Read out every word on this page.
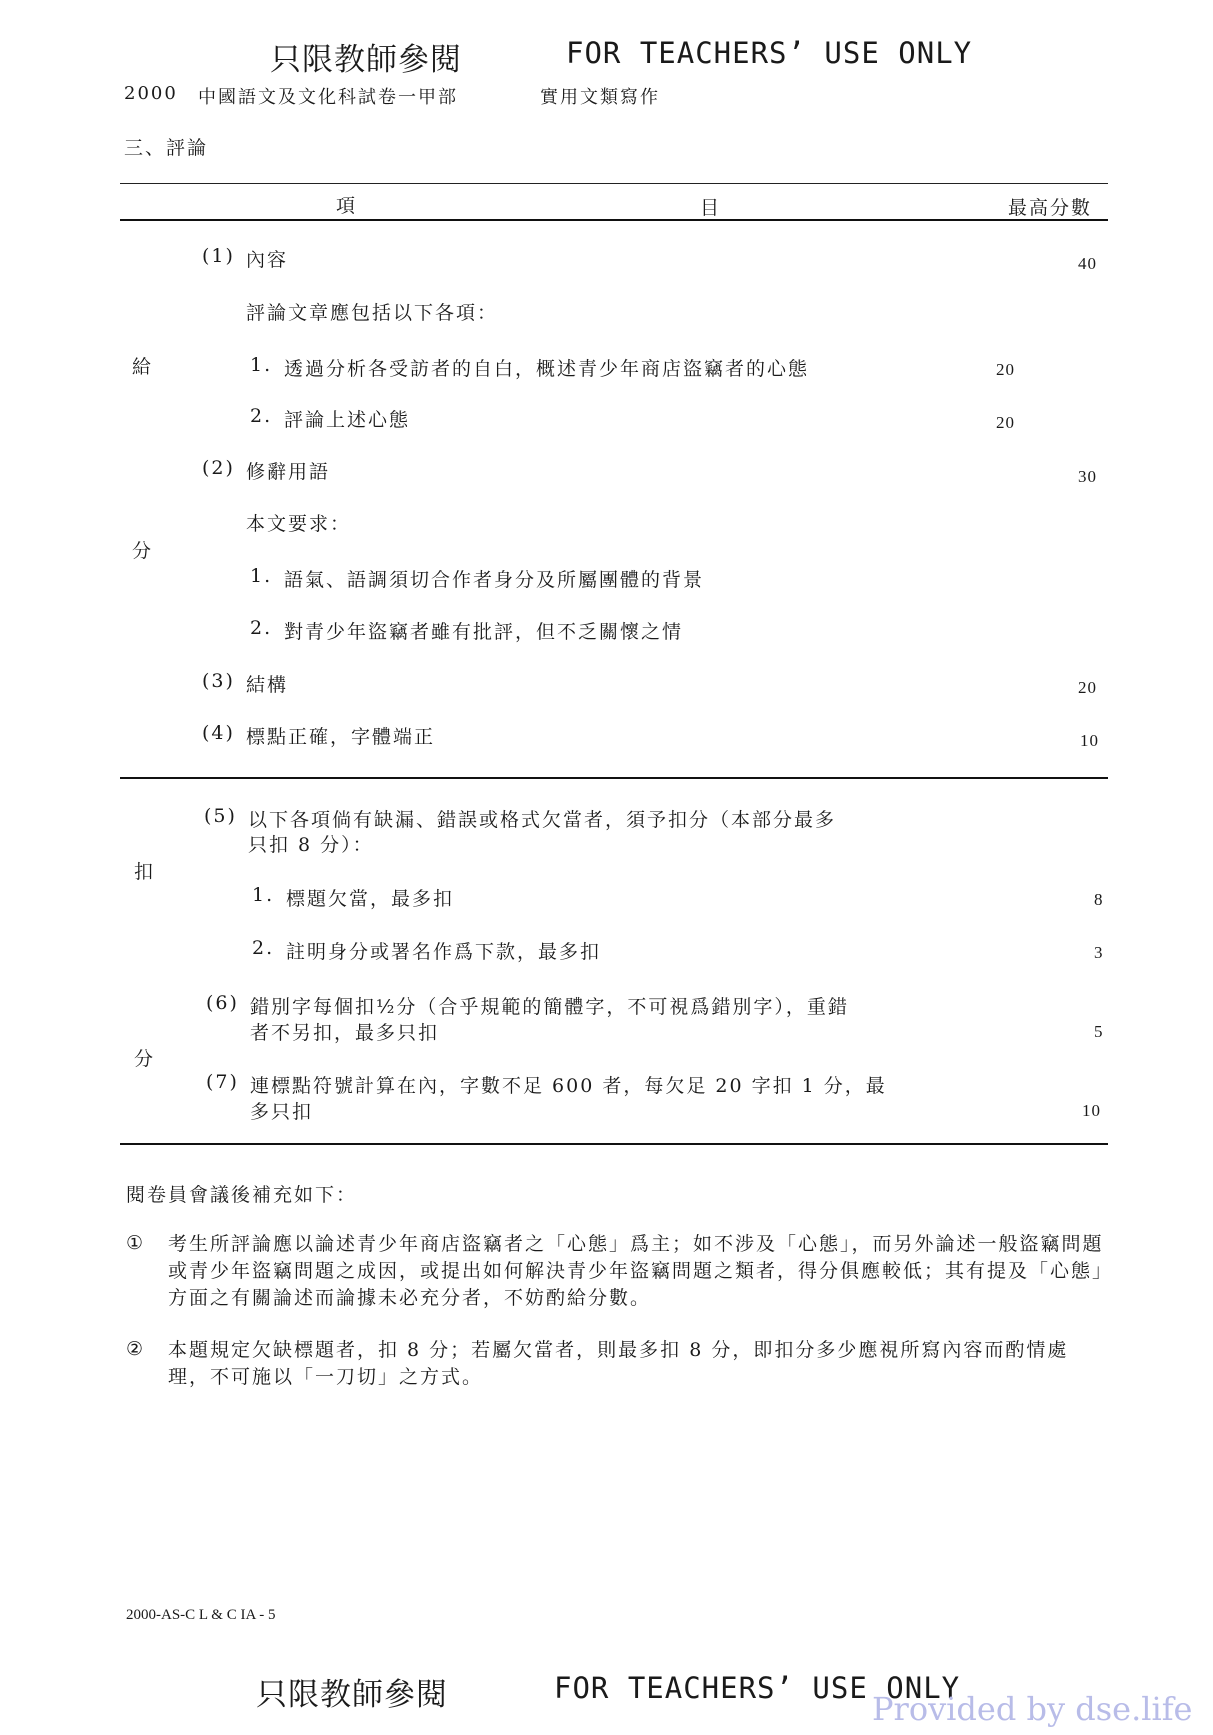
只限教師參閱	FOR TEACHERS’ USE ONLY
2000 中國語文及文化科試卷一甲部	實用文類寫作
三、評論
項	目	最高分數
給
分
扣
分
(1) 內容	40
評論文章應包括以下各項：
1. 透過分析各受訪者的自白，概述青少年商店盜竊者的心態	20
2. 評論上述心態	20
(2) 修辭用語	30
本文要求：
1. 語氣、語調須切合作者身分及所屬團體的背景
2. 對青少年盜竊者雖有批評，但不乏關懷之情
(3) 結構	20
(4) 標點正確，字體端正	10
(5) 以下各項倘有缺漏、錯誤或格式欠當者，須予扣分（本部分最多
只扣 8 分）：
1. 標題欠當，最多扣	8
2. 註明身分或署名作爲下款，最多扣	3
(6) 錯別字每個扣½分（合乎規範的簡體字，不可視爲錯別字），重錯
者不另扣，最多只扣	5
(7) 連標點符號計算在內，字數不足 600 者，每欠足 20 字扣 1 分，最
多只扣	10
閱卷員會議後補充如下：
① 考生所評論應以論述青少年商店盜竊者之「心態」爲主；如不涉及「心態」，而另外論述一般盜竊問題或青少年盜竊問題之成因，或提出如何解決青少年盜竊問題之類者，得分俱應較低；其有提及「心態」方面之有關論述而論據未必充分者，不妨酌給分數。
② 本題規定欠缺標題者，扣 8 分；若屬欠當者，則最多扣 8 分，即扣分多少應視所寫內容而酌情處理，不可施以「一刀切」之方式。
2000-AS-C L & C IA - 5
只限教師參閱	FOR TEACHERS’ USE ONLY
Provided by dse.life
